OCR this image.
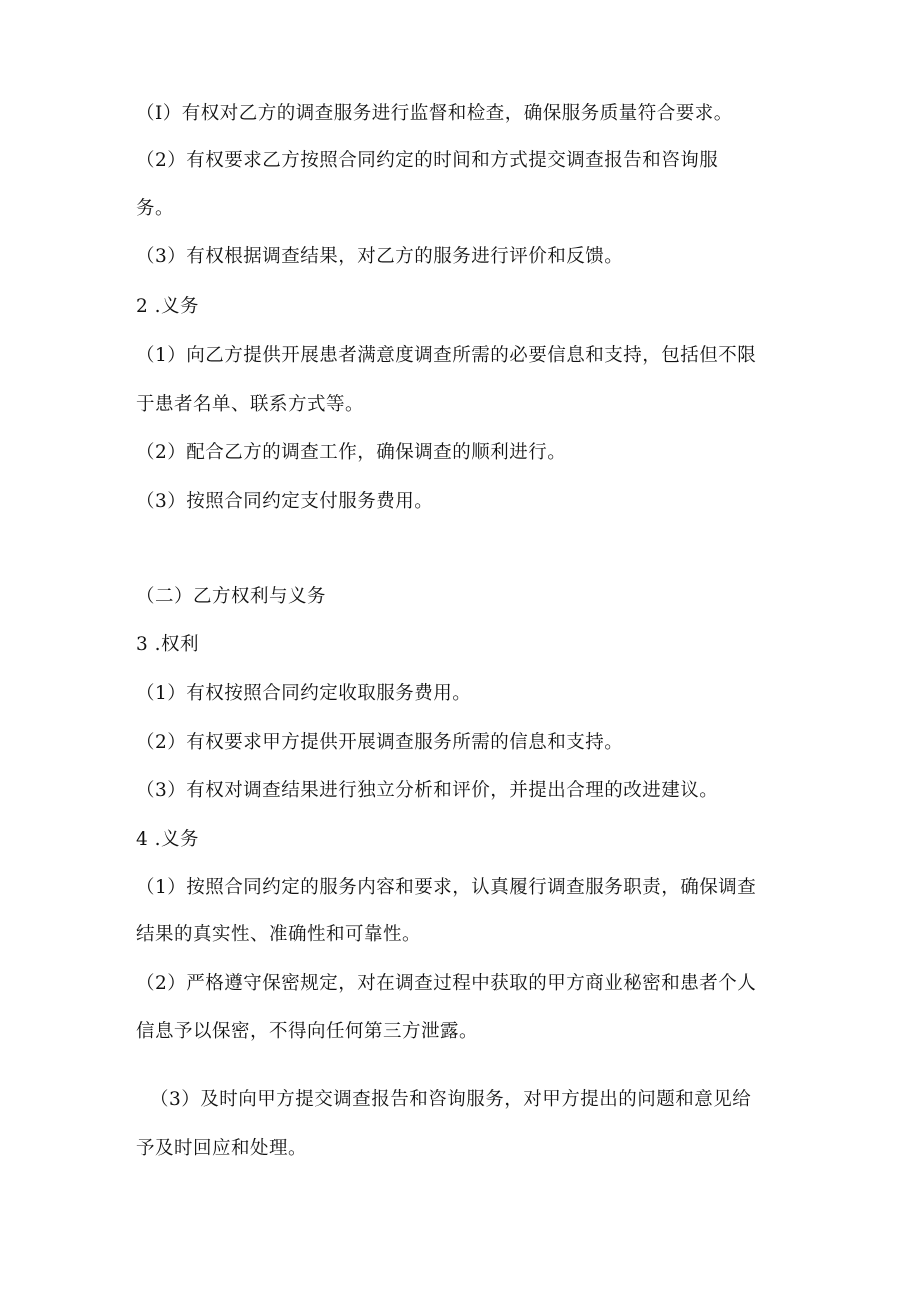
（I）有权对乙方的调查服务进行监督和检查，确保服务质量符合要求。
（2）有权要求乙方按照合同约定的时间和方式提交调查报告和咨询服
务。
（3）有权根据调查结果，对乙方的服务进行评价和反馈。
2 .义务
（1）向乙方提供开展患者满意度调查所需的必要信息和支持，包括但不限
于患者名单、联系方式等。
（2）配合乙方的调查工作，确保调查的顺利进行。
（3）按照合同约定支付服务费用。
（二）乙方权利与义务
3 .权利
（1）有权按照合同约定收取服务费用。
（2）有权要求甲方提供开展调查服务所需的信息和支持。
（3）有权对调查结果进行独立分析和评价，并提出合理的改进建议。
4 .义务
（1）按照合同约定的服务内容和要求，认真履行调查服务职责，确保调查
结果的真实性、准确性和可靠性。
（2）严格遵守保密规定，对在调查过程中获取的甲方商业秘密和患者个人
信息予以保密，不得向任何第三方泄露。
（3）及时向甲方提交调查报告和咨询服务，对甲方提出的问题和意见给
予及时回应和处理。
